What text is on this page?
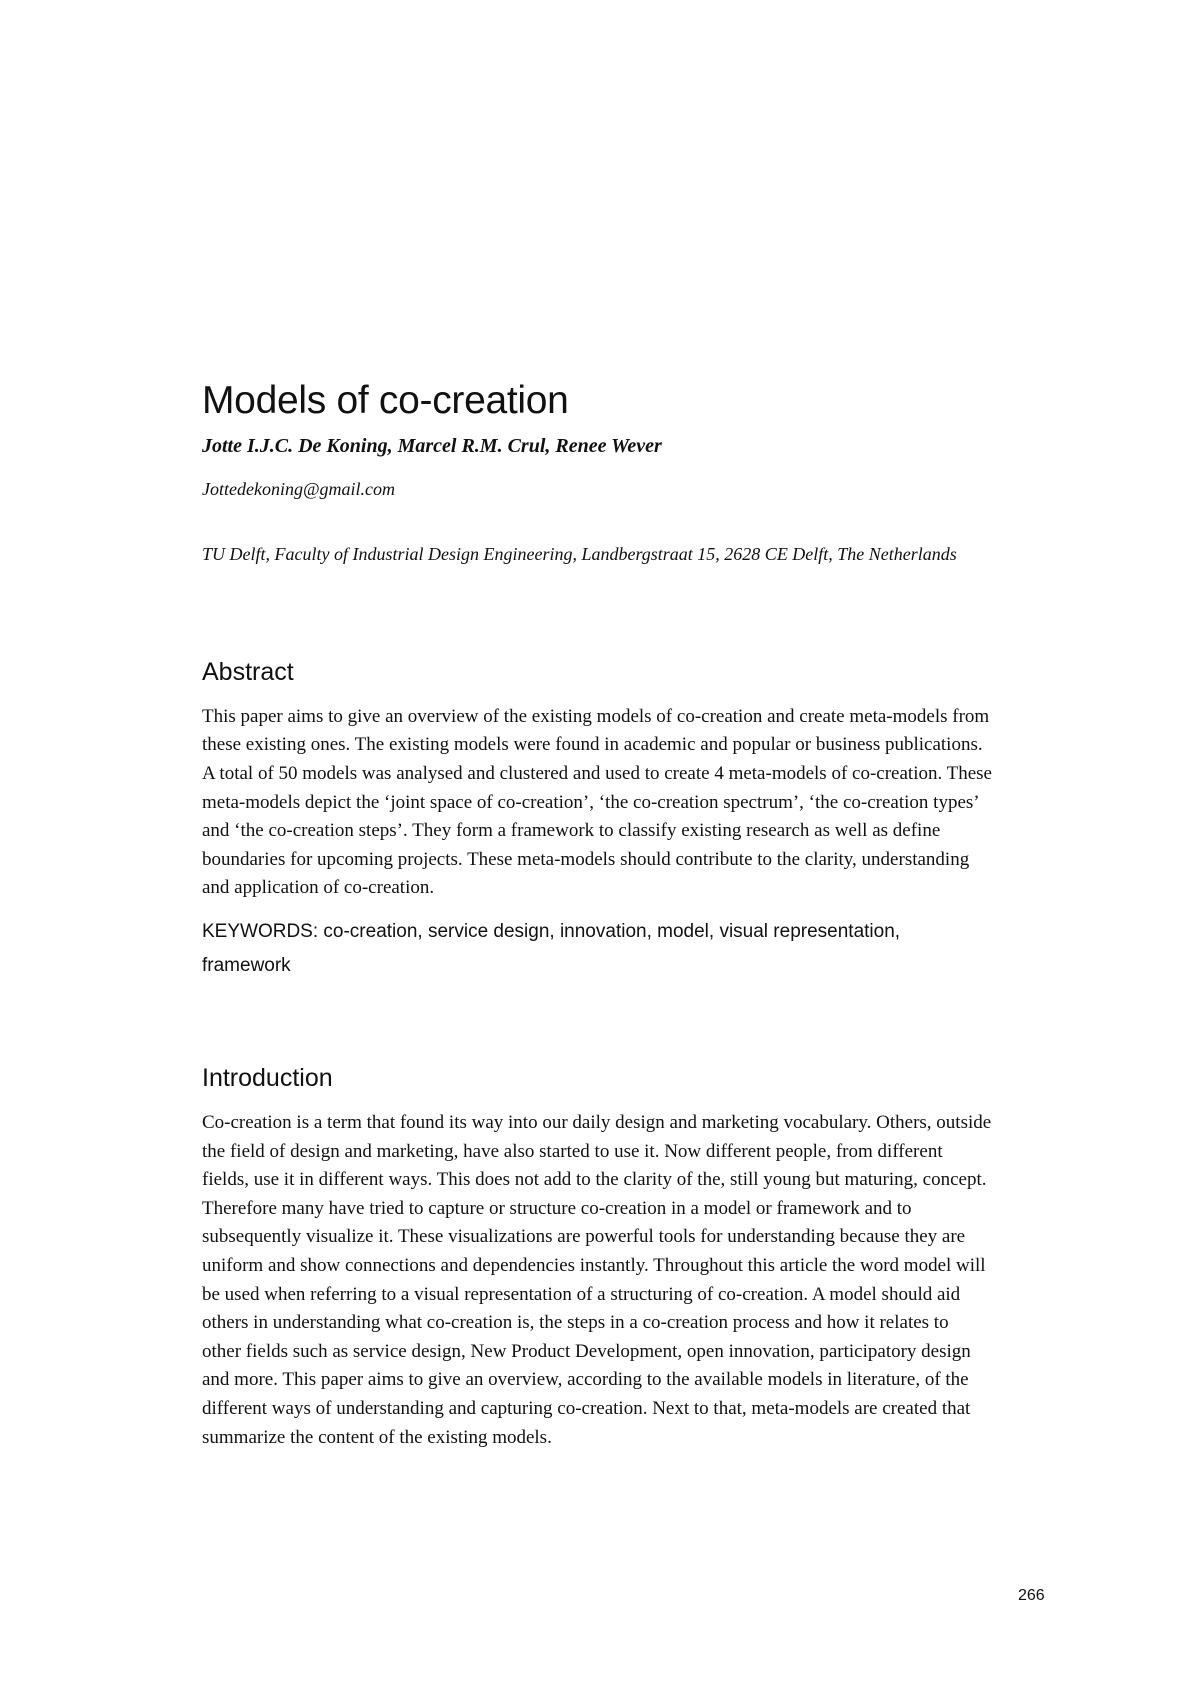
Models of co-creation
Jotte I.J.C. De Koning, Marcel R.M. Crul, Renee Wever
Jottedekoning@gmail.com
TU Delft, Faculty of Industrial Design Engineering, Landbergstraat 15, 2628 CE Delft, The Netherlands
Abstract

This paper aims to give an overview of the existing models of co-creation and create meta-models from these existing ones. The existing models were found in academic and popular or business publications. A total of 50 models was analysed and clustered and used to create 4 meta-models of co-creation. These meta-models depict the ‘joint space of co-creation’, ‘the co-creation spectrum’, ‘the co-creation types’ and ‘the co-creation steps’. They form a framework to classify existing research as well as define boundaries for upcoming projects. These meta-models should contribute to the clarity, understanding and application of co-creation.

KEYWORDS: co-creation, service design, innovation, model, visual representation, framework

Introduction

Co-creation is a term that found its way into our daily design and marketing vocabulary. Others, outside the field of design and marketing, have also started to use it. Now different people, from different fields, use it in different ways. This does not add to the clarity of the, still young but maturing, concept. Therefore many have tried to capture or structure co-creation in a model or framework and to subsequently visualize it. These visualizations are powerful tools for understanding because they are uniform and show connections and dependencies instantly. Throughout this article the word model will be used when referring to a visual representation of a structuring of co-creation. A model should aid others in understanding what co-creation is, the steps in a co-creation process and how it relates to other fields such as service design, New Product Development, open innovation, participatory design and more. This paper aims to give an overview, according to the available models in literature, of the different ways of understanding and capturing co-creation. Next to that, meta-models are created that summarize the content of the existing models.

266
